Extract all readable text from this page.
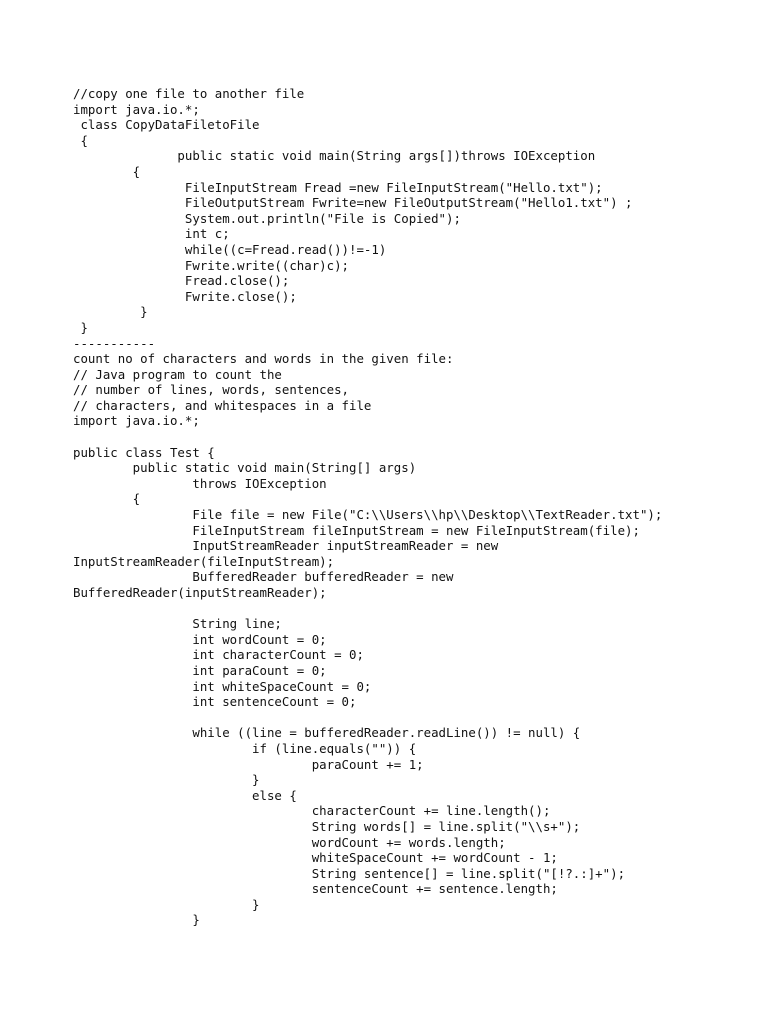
//copy one file to another file
import java.io.*;
class CopyDataFiletoFile
{
public static void main(String args[])throws IOException
{
FileInputStream Fread =new FileInputStream("Hello.txt");
FileOutputStream Fwrite=new FileOutputStream("Hello1.txt") ;
System.out.println("File is Copied");
int c;
while((c=Fread.read())!=-1)
Fwrite.write((char)c);
Fread.close();
Fwrite.close();
}
}
-----------
count no of characters and words in the given file:
// Java program to count the
// number of lines, words, sentences,
// characters, and whitespaces in a file
import java.io.*;
public class Test {
public static void main(String[] args)
throws IOException
{
File file = new File("C:\\Users\\hp\\Desktop\\TextReader.txt");
FileInputStream fileInputStream = new FileInputStream(file);
InputStreamReader inputStreamReader = new
InputStreamReader(fileInputStream);
BufferedReader bufferedReader = new
BufferedReader(inputStreamReader);
String line;
int wordCount = 0;
int characterCount = 0;
int paraCount = 0;
int whiteSpaceCount = 0;
int sentenceCount = 0;
while ((line = bufferedReader.readLine()) != null) {
if (line.equals("")) {
paraCount += 1;
}
else {
characterCount += line.length();
String words[] = line.split("\\s+");
wordCount += words.length;
whiteSpaceCount += wordCount - 1;
String sentence[] = line.split("[!?.:]+");
sentenceCount += sentence.length;
}
}
